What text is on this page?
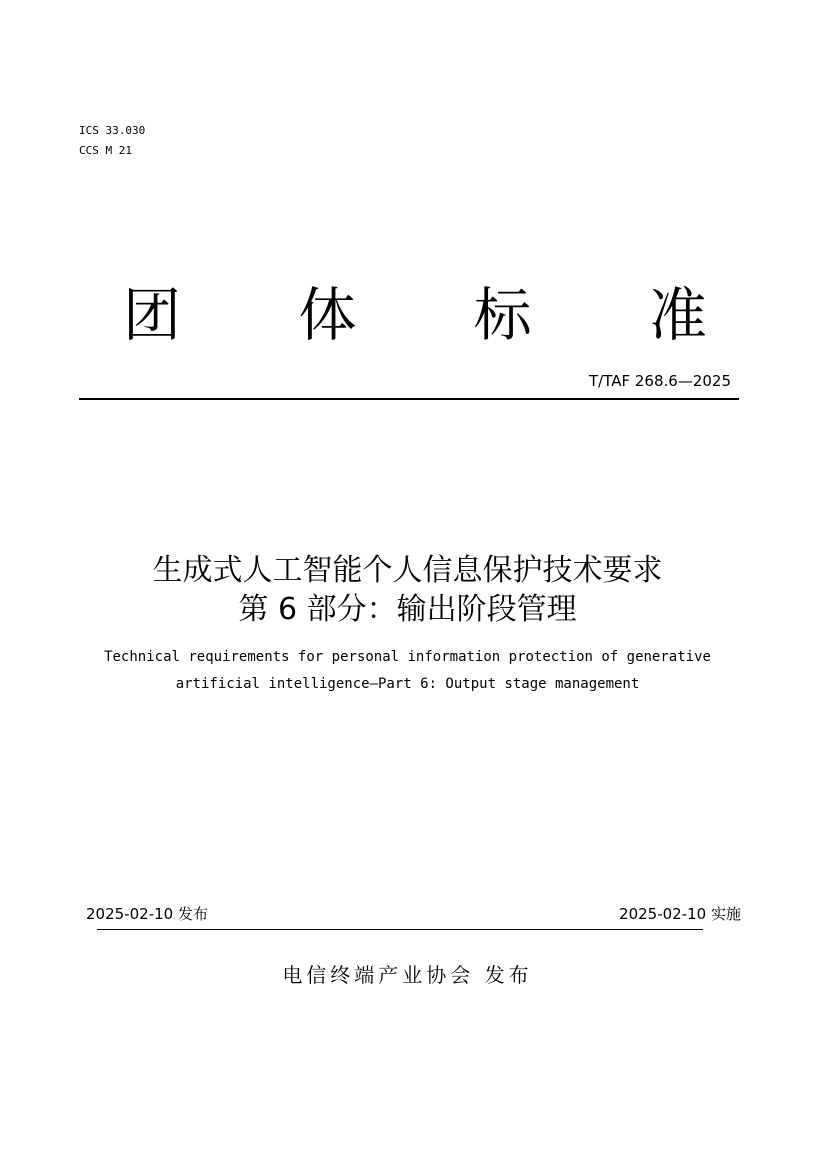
ICS 33.030
CCS M 21
团 体 标 准
T/TAF 268.6—2025
生成式人工智能个人信息保护技术要求
第 6 部分：输出阶段管理
Technical requirements for personal information protection of generative
artificial intelligence—Part 6: Output stage management
2025-02-10 发布	2025-02-10 实施
电信终端产业协会 发布
